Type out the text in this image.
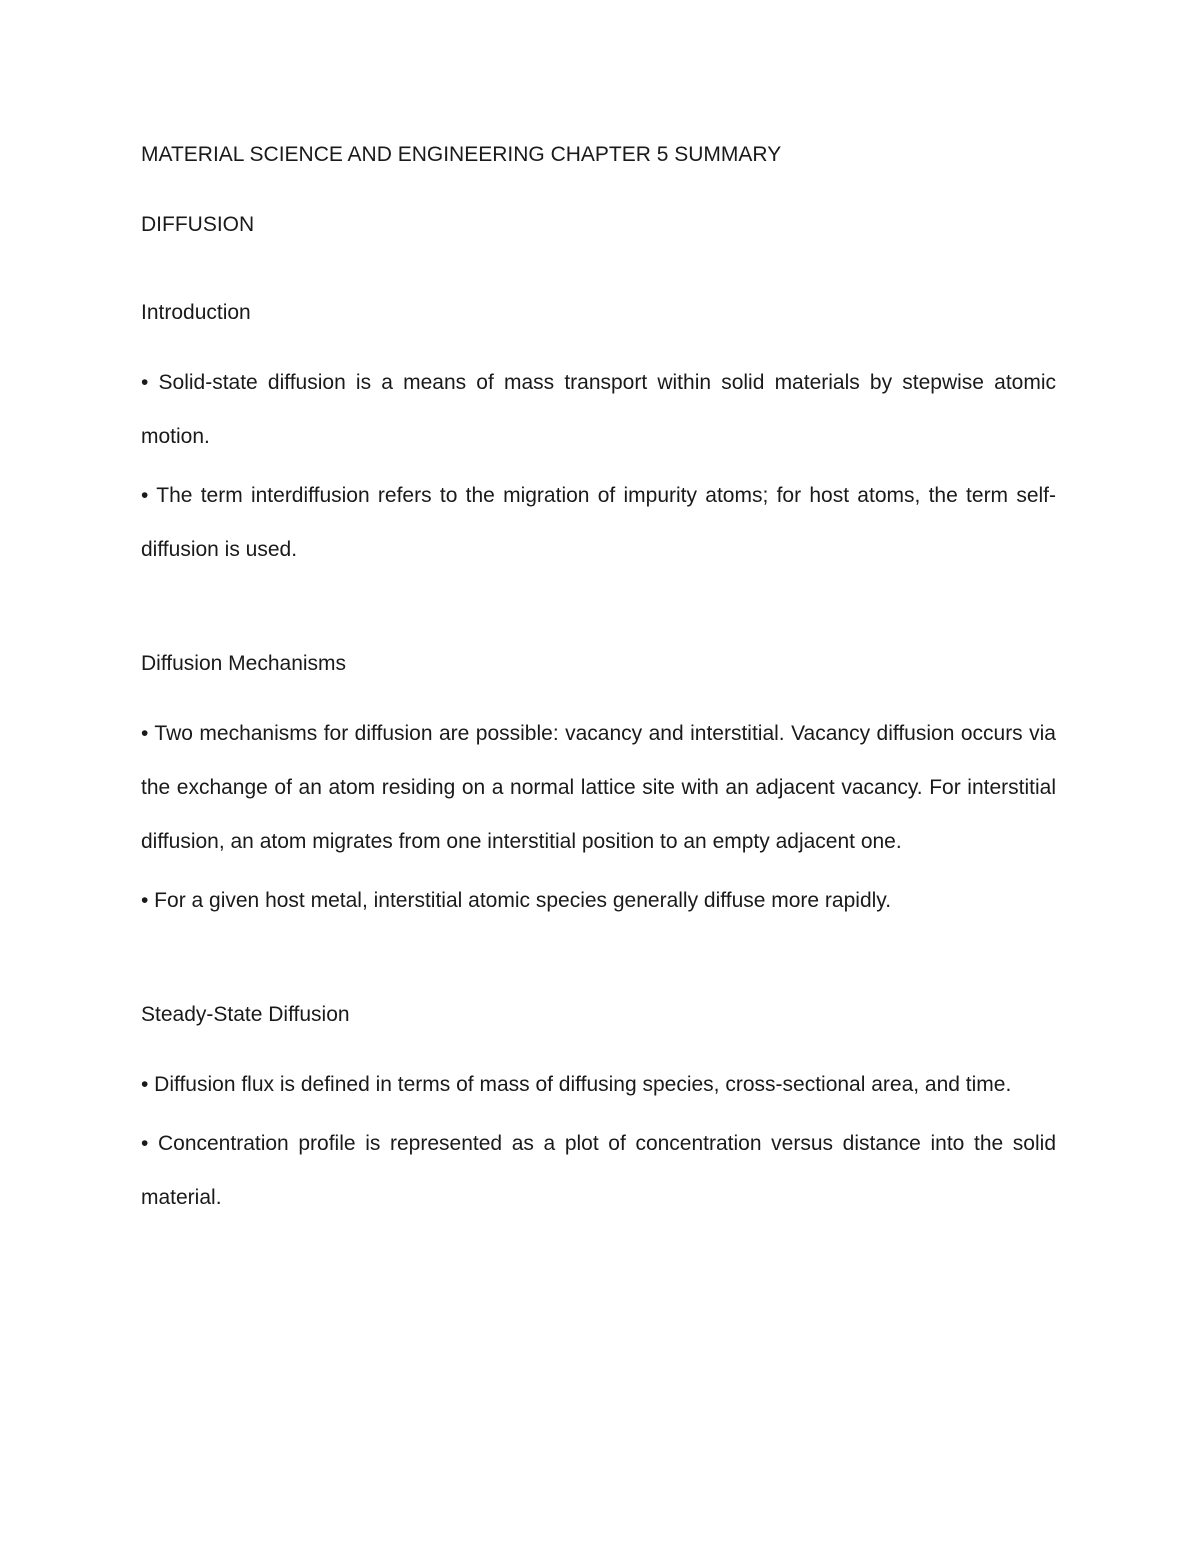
MATERIAL SCIENCE AND ENGINEERING CHAPTER 5 SUMMARY

DIFFUSION

Introduction

• Solid-state diffusion is a means of mass transport within solid materials by stepwise atomic motion.

• The term interdiffusion refers to the migration of impurity atoms; for host atoms, the term self-diffusion is used.

Diffusion Mechanisms

• Two mechanisms for diffusion are possible: vacancy and interstitial. Vacancy diffusion occurs via the exchange of an atom residing on a normal lattice site with an adjacent vacancy. For interstitial diffusion, an atom migrates from one interstitial position to an empty adjacent one.

• For a given host metal, interstitial atomic species generally diffuse more rapidly.

Steady-State Diffusion

• Diffusion flux is defined in terms of mass of diffusing species, cross-sectional area, and time.

• Concentration profile is represented as a plot of concentration versus distance into the solid material.
